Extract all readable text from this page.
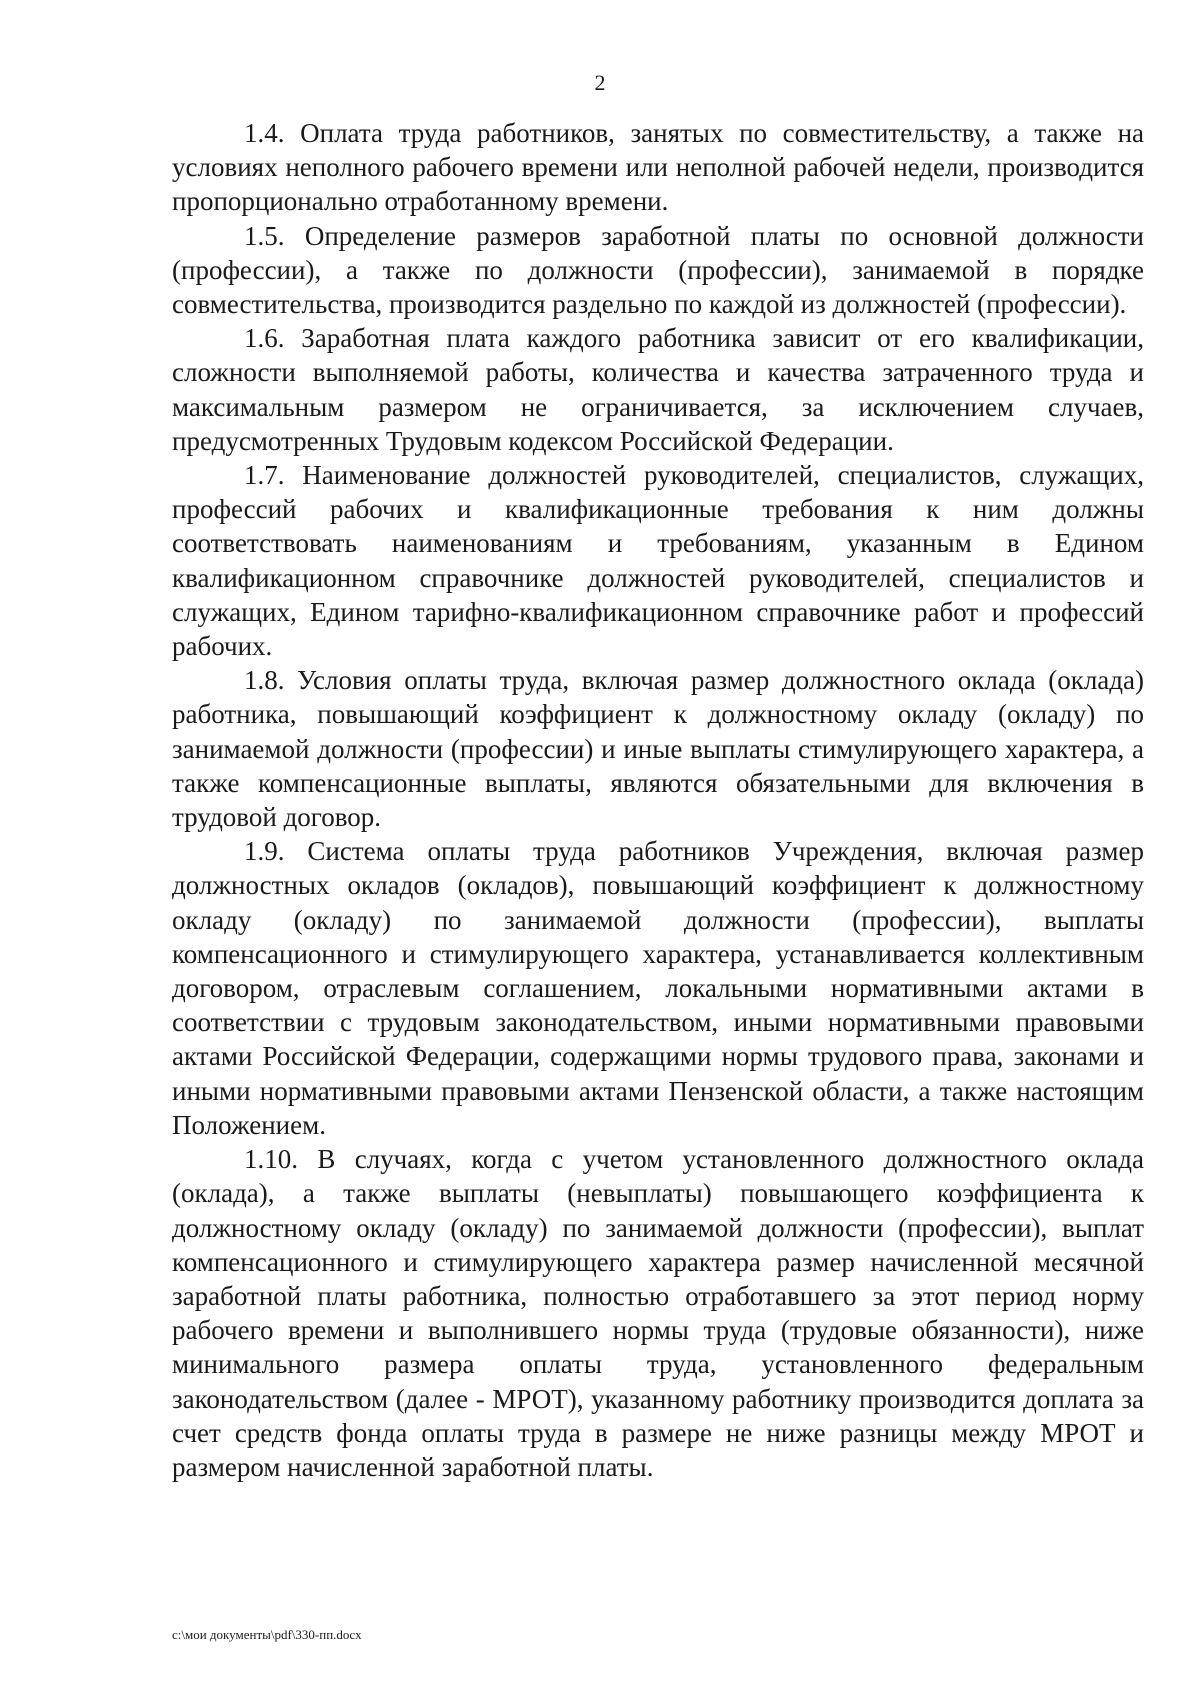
2

1.4. Оплата труда работников, занятых по совместительству, а также на условиях неполного рабочего времени или неполной рабочей недели, производится пропорционально отработанному времени.

1.5. Определение размеров заработной платы по основной должности (профессии), а также по должности (профессии), занимаемой в порядке совместительства, производится раздельно по каждой из должностей (профессии).

1.6. Заработная плата каждого работника зависит от его квалификации, сложности выполняемой работы, количества и качества затраченного труда и максимальным размером не ограничивается, за исключением случаев, предусмотренных Трудовым кодексом Российской Федерации.

1.7. Наименование должностей руководителей, специалистов, служащих, профессий рабочих и квалификационные требования к ним должны соответствовать наименованиям и требованиям, указанным в Едином квалификационном справочнике должностей руководителей, специалистов и служащих, Едином тарифно-квалификационном справочнике работ и профессий рабочих.

1.8. Условия оплаты труда, включая размер должностного оклада (оклада) работника, повышающий коэффициент к должностному окладу (окладу) по занимаемой должности (профессии) и иные выплаты стимулирующего характера, а также компенсационные выплаты, являются обязательными для включения в трудовой договор.

1.9. Система оплаты труда работников Учреждения, включая размер должностных окладов (окладов), повышающий коэффициент к должностному окладу (окладу) по занимаемой должности (профессии), выплаты компенсационного и стимулирующего характера, устанавливается коллективным договором, отраслевым соглашением, локальными нормативными актами в соответствии с трудовым законодательством, иными нормативными правовыми актами Российской Федерации, содержащими нормы трудового права, законами и иными нормативными правовыми актами Пензенской области, а также настоящим Положением.

1.10. В случаях, когда с учетом установленного должностного оклада (оклада), а также выплаты (невыплаты) повышающего коэффициента к должностному окладу (окладу) по занимаемой должности (профессии), выплат компенсационного и стимулирующего характера размер начисленной месячной заработной платы работника, полностью отработавшего за этот период норму рабочего времени и выполнившего нормы труда (трудовые обязанности), ниже минимального размера оплаты труда, установленного федеральным законодательством (далее - МРОТ), указанному работнику производится доплата за счет средств фонда оплаты труда в размере не ниже разницы между МРОТ и размером начисленной заработной платы.

c:\мои документы\pdf\330-пп.docx
